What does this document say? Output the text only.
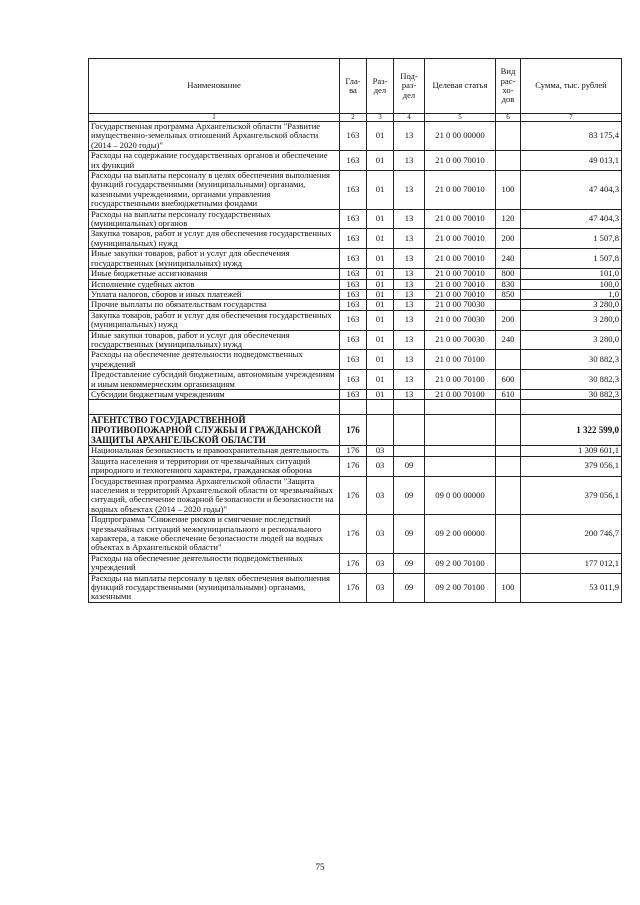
Наименование	Гла-ва	Раз-дел	Под-раз-дел	Целевая статья	Вид рас-хо-дов	Сумма, тыс. рублей
1	2	3	4	5	6	7
Государственная программа Архангельской области "Развитие имущественно-земельных отношений Архангельской области (2014 – 2020 годы)"	163	01	13	21 0 00 00000		83 175,4
Расходы на содержание государственных органов и обеспечение их функций	163	01	13	21 0 00 70010		49 013,1
Расходы на выплаты персоналу в целях обеспечения выполнения функций государственными (муниципальными) органами, казенными учреждениями, органами управления государственными внебюджетными фондами	163	01	13	21 0 00 70010	100	47 404,3
Расходы на выплаты персоналу государственных (муниципальных) органов	163	01	13	21 0 00 70010	120	47 404,3
Закупка товаров, работ и услуг для обеспечения государственных (муниципальных) нужд	163	01	13	21 0 00 70010	200	1 507,8
Иные закупки товаров, работ и услуг для обеспечения государственных (муниципальных) нужд	163	01	13	21 0 00 70010	240	1 507,8
Иные бюджетные ассигнования	163	01	13	21 0 00 70010	800	101,0
Исполнение судебных актов	163	01	13	21 0 00 70010	830	100,0
Уплата налогов, сборов и иных платежей	163	01	13	21 0 00 70010	850	1,0
Прочие выплаты по обязательствам государства	163	01	13	21 0 00 70030		3 280,0
Закупка товаров, работ и услуг для обеспечения государственных (муниципальных) нужд	163	01	13	21 0 00 70030	200	3 280,0
Иные закупки товаров, работ и услуг для обеспечения государственных (муниципальных) нужд	163	01	13	21 0 00 70030	240	3 280,0
Расходы на обеспечение деятельности подведомственных учреждений	163	01	13	21 0 00 70100		30 882,3
Предоставление субсидий бюджетным, автономным учреждениям и иным некоммерческим организациям	163	01	13	21 0 00 70100	600	30 882,3
Субсидии бюджетным учреждениям	163	01	13	21 0 00 70100	610	30 882,3

АГЕНТСТВО ГОСУДАРСТВЕННОЙ ПРОТИВОПОЖАРНОЙ СЛУЖБЫ И ГРАЖДАНСКОЙ ЗАЩИТЫ АРХАНГЕЛЬСКОЙ ОБЛАСТИ	176					1 322 599,0
Национальная безопасность и правоохранительная деятельность	176	03				1 309 601,1
Защита населения и территории от чрезвычайных ситуаций природного и техногенного характера, гражданская оборона	176	03	09			379 056,1
Государственная программа Архангельской области "Защита населения и территорий Архангельской области от чрезвычайных ситуаций, обеспечение пожарной безопасности и безопасности на водных объектах (2014 – 2020 годы)"	176	03	09	09 0 00 00000		379 056,1
Подпрограмма "Снижение рисков и смягчение последствий чрезвычайных ситуаций межмуниципального и регионального характера, а также обеспечение безопасности людей на водных объектах в Архангельской области"	176	03	09	09 2 00 00000		200 746,7
Расходы на обеспечение деятельности подведомственных учреждений	176	03	09	09 2 00 70100		177 012,1
Расходы на выплаты персоналу в целях обеспечения выполнения функций государственными (муниципальными) органами, казенными	176	03	09	09 2 00 70100	100	53 011,9
75
